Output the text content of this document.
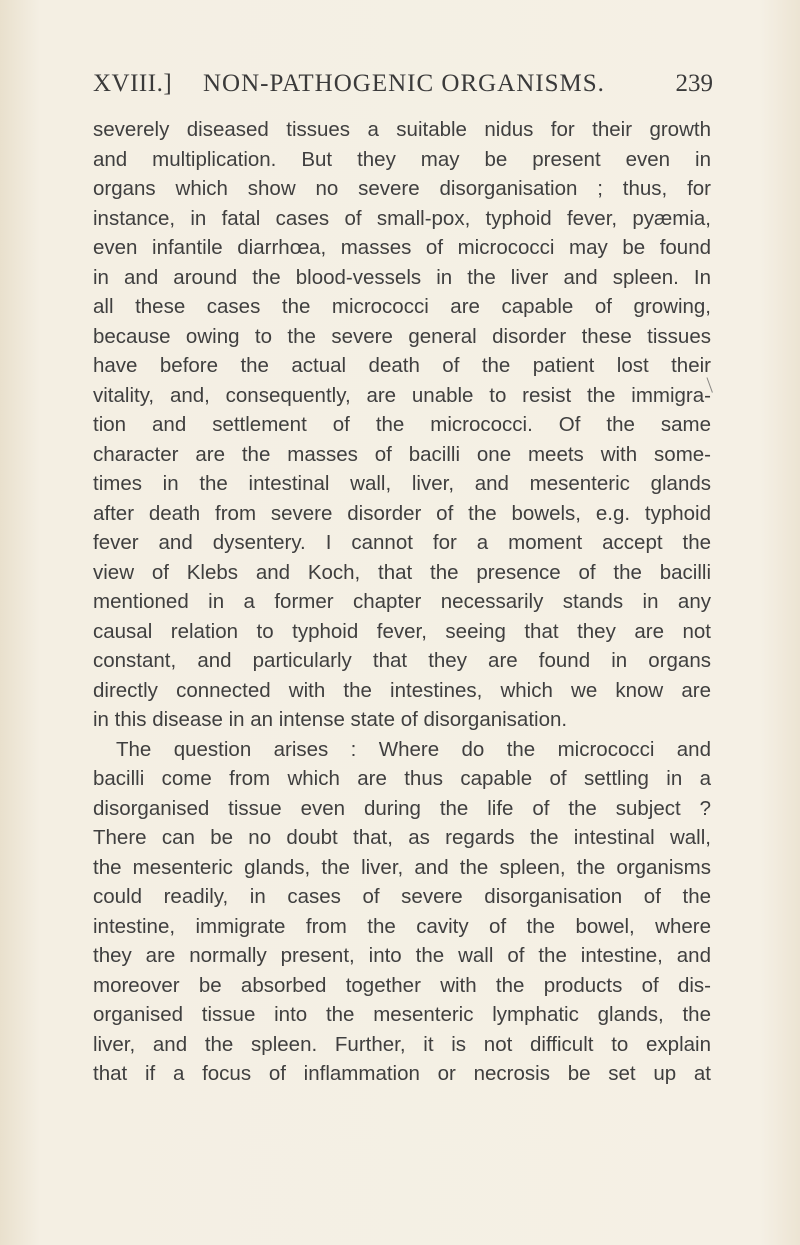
XVIII.] NON-PATHOGENIC ORGANISMS.	239
severely diseased tissues a suitable nidus for their growth
and multiplication. But they may be present even in
organs which show no severe disorganisation ; thus, for
instance, in fatal cases of small-pox, typhoid fever, pyæmia,
even infantile diarrhœa, masses of micrococci may be found
in and around the blood-vessels in the liver and spleen. In
all these cases the micrococci are capable of growing,
because owing to the severe general disorder these tissues
have before the actual death of the patient lost their
vitality, and, consequently, are unable to resist the immigra-
tion and settlement of the micrococci. Of the same
character are the masses of bacilli one meets with some-
times in the intestinal wall, liver, and mesenteric glands
after death from severe disorder of the bowels, e.g. typhoid
fever and dysentery. I cannot for a moment accept the
view of Klebs and Koch, that the presence of the bacilli
mentioned in a former chapter necessarily stands in any
causal relation to typhoid fever, seeing that they are not
constant, and particularly that they are found in organs
directly connected with the intestines, which we know are
in this disease in an intense state of disorganisation.
The question arises : Where do the micrococci and
bacilli come from which are thus capable of settling in a
disorganised tissue even during the life of the subject ?
There can be no doubt that, as regards the intestinal wall,
the mesenteric glands, the liver, and the spleen, the organisms
could readily, in cases of severe disorganisation of the
intestine, immigrate from the cavity of the bowel, where
they are normally present, into the wall of the intestine, and
moreover be absorbed together with the products of dis-
organised tissue into the mesenteric lymphatic glands, the
liver, and the spleen. Further, it is not difficult to explain
that if a focus of inflammation or necrosis be set up at
